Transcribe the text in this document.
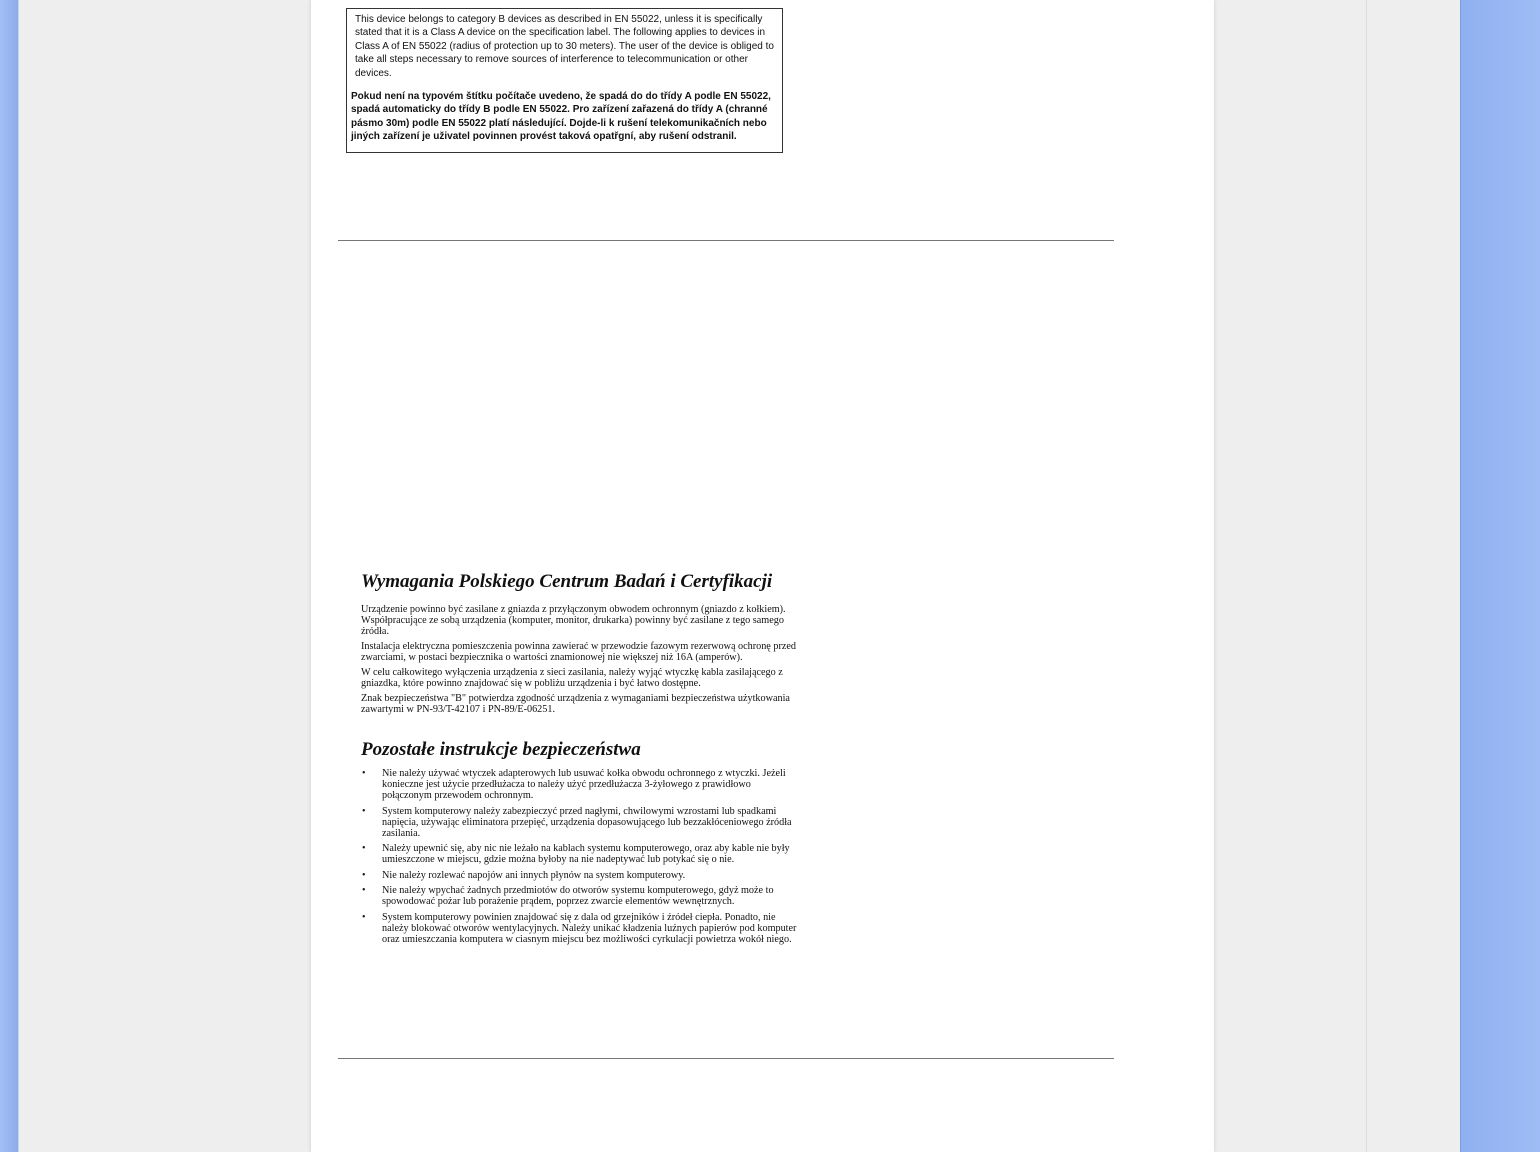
This device belongs to category B devices as described in EN 55022, unless it is specifically stated that it is a Class A device on the specification label. The following applies to devices in Class A of EN 55022 (radius of protection up to 30 meters). The user of the device is obliged to take all steps necessary to remove sources of interference to telecommunication or other devices.
Pokud není na typovém štítku počítače uvedeno, že spadá do do třídy A podle EN 55022, spadá automaticky do třídy B podle EN 55022. Pro zařízení zařazená do třídy A (chranné pásmo 30m) podle EN 55022 platí následující. Dojde-li k rušení telekomunikačních nebo jiných zařízení je uživatel povinnen provést taková opatřgní, aby rušení odstranil.
Wymagania Polskiego Centrum Badań i Certyfikacji

Urządzenie powinno być zasilane z gniazda z przyłączonym obwodem ochronnym (gniazdo z kołkiem). Współpracujące ze sobą urządzenia (komputer, monitor, drukarka) powinny być zasilane z tego samego źródła.

Instalacja elektryczna pomieszczenia powinna zawierać w przewodzie fazowym rezerwową ochronę przed zwarciami, w postaci bezpiecznika o wartości znamionowej nie większej niż 16A (amperów).

W celu całkowitego wyłączenia urządzenia z sieci zasilania, należy wyjąć wtyczkę kabla zasilającego z gniazdka, które powinno znajdować się w pobliżu urządzenia i być łatwo dostępne.

Znak bezpieczeństwa "B" potwierdza zgodność urządzenia z wymaganiami bezpieczeństwa użytkowania zawartymi w PN-93/T-42107 i PN-89/E-06251.

Pozostałe instrukcje bezpieczeństwa
• Nie należy używać wtyczek adapterowych lub usuwać kołka obwodu ochronnego z wtyczki. Jeżeli konieczne jest użycie przedłużacza to należy użyć przedłużacza 3-żyłowego z prawidłowo połączonym przewodem ochronnym.
• System komputerowy należy zabezpieczyć przed nagłymi, chwilowymi wzrostami lub spadkami napięcia, używając eliminatora przepięć, urządzenia dopasowującego lub bezzakłóceniowego źródła zasilania.
• Należy upewnić się, aby nic nie leżało na kablach systemu komputerowego, oraz aby kable nie były umieszczone w miejscu, gdzie można byłoby na nie nadeptywać lub potykać się o nie.
• Nie należy rozlewać napojów ani innych płynów na system komputerowy.
• Nie należy wpychać żadnych przedmiotów do otworów systemu komputerowego, gdyż może to spowodować pożar lub porażenie prądem, poprzez zwarcie elementów wewnętrznych.
• System komputerowy powinien znajdować się z dala od grzejników i źródeł ciepła. Ponadto, nie należy blokować otworów wentylacyjnych. Należy unikać kładzenia luźnych papierów pod komputer oraz umieszczania komputera w ciasnym miejscu bez możliwości cyrkulacji powietrza wokół niego.
